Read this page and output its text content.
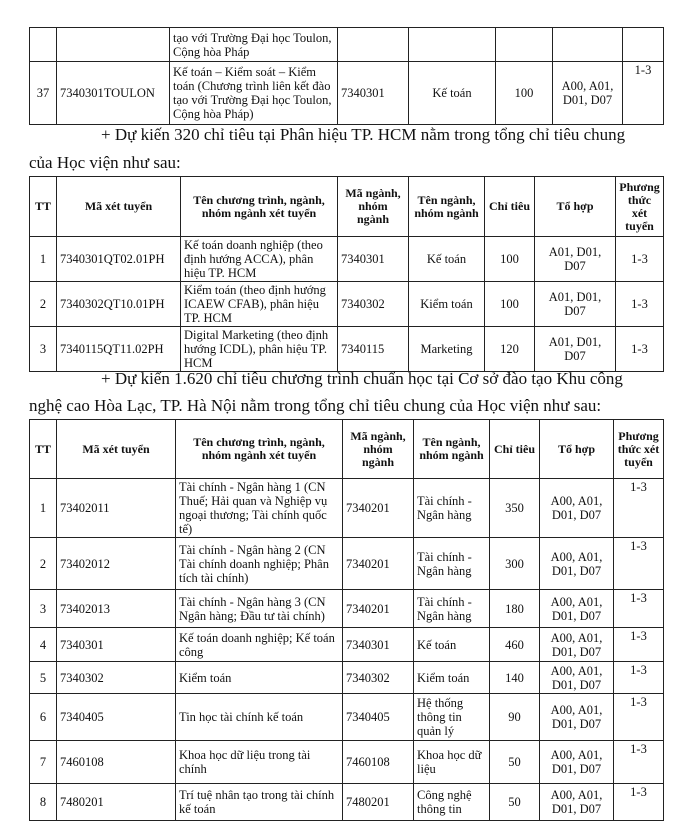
		tạo với Trường Đại học Toulon, Cộng hòa Pháp					
37	7340301TOULON	Kế toán – Kiểm soát – Kiểm toán (Chương trình liên kết đào tạo với Trường Đại học Toulon, Cộng hòa Pháp)	7340301	Kế toán	100	A00, A01, D01, D07	1-3
+ Dự kiến 320 chỉ tiêu tại Phân hiệu TP. HCM nằm trong tổng chỉ tiêu chung
của Học viện như sau:
TT	Mã xét tuyển	Tên chương trình, ngành, nhóm ngành xét tuyển	Mã ngành, nhóm ngành	Tên ngành, nhóm ngành	Chỉ tiêu	Tổ hợp	Phương thức xét tuyển
1	7340301QT02.01PH	Kế toán doanh nghiệp (theo định hướng ACCA), phân hiệu TP. HCM	7340301	Kế toán	100	A01, D01, D07	1-3
2	7340302QT10.01PH	Kiểm toán (theo định hướng ICAEW CFAB), phân hiệu TP. HCM	7340302	Kiểm toán	100	A01, D01, D07	1-3
3	7340115QT11.02PH	Digital Marketing (theo định hướng ICDL), phân hiệu TP. HCM	7340115	Marketing	120	A01, D01, D07	1-3
+ Dự kiến 1.620 chỉ tiêu chương trình chuẩn học tại Cơ sở đào tạo Khu công
nghệ cao Hòa Lạc, TP. Hà Nội nằm trong tổng chỉ tiêu chung của Học viện như sau:
TT	Mã xét tuyển	Tên chương trình, ngành, nhóm ngành xét tuyển	Mã ngành, nhóm ngành	Tên ngành, nhóm ngành	Chỉ tiêu	Tổ hợp	Phương thức xét tuyển
1	73402011	Tài chính - Ngân hàng 1 (CN Thuế; Hải quan và Nghiệp vụ ngoại thương; Tài chính quốc tế)	7340201	Tài chính - Ngân hàng	350	A00, A01, D01, D07	1-3
2	73402012	Tài chính - Ngân hàng 2 (CN Tài chính doanh nghiệp; Phân tích tài chính)	7340201	Tài chính - Ngân hàng	300	A00, A01, D01, D07	1-3
3	73402013	Tài chính - Ngân hàng 3 (CN Ngân hàng; Đầu tư tài chính)	7340201	Tài chính - Ngân hàng	180	A00, A01, D01, D07	1-3
4	7340301	Kế toán doanh nghiệp; Kế toán công	7340301	Kế toán	460	A00, A01, D01, D07	1-3
5	7340302	Kiểm toán	7340302	Kiểm toán	140	A00, A01, D01, D07	1-3
6	7340405	Tin học tài chính kế toán	7340405	Hệ thống thông tin quản lý	90	A00, A01, D01, D07	1-3
7	7460108	Khoa học dữ liệu trong tài chính	7460108	Khoa học dữ liệu	50	A00, A01, D01, D07	1-3
8	7480201	Trí tuệ nhân tạo trong tài chính kế toán	7480201	Công nghệ thông tin	50	A00, A01, D01, D07	1-3
